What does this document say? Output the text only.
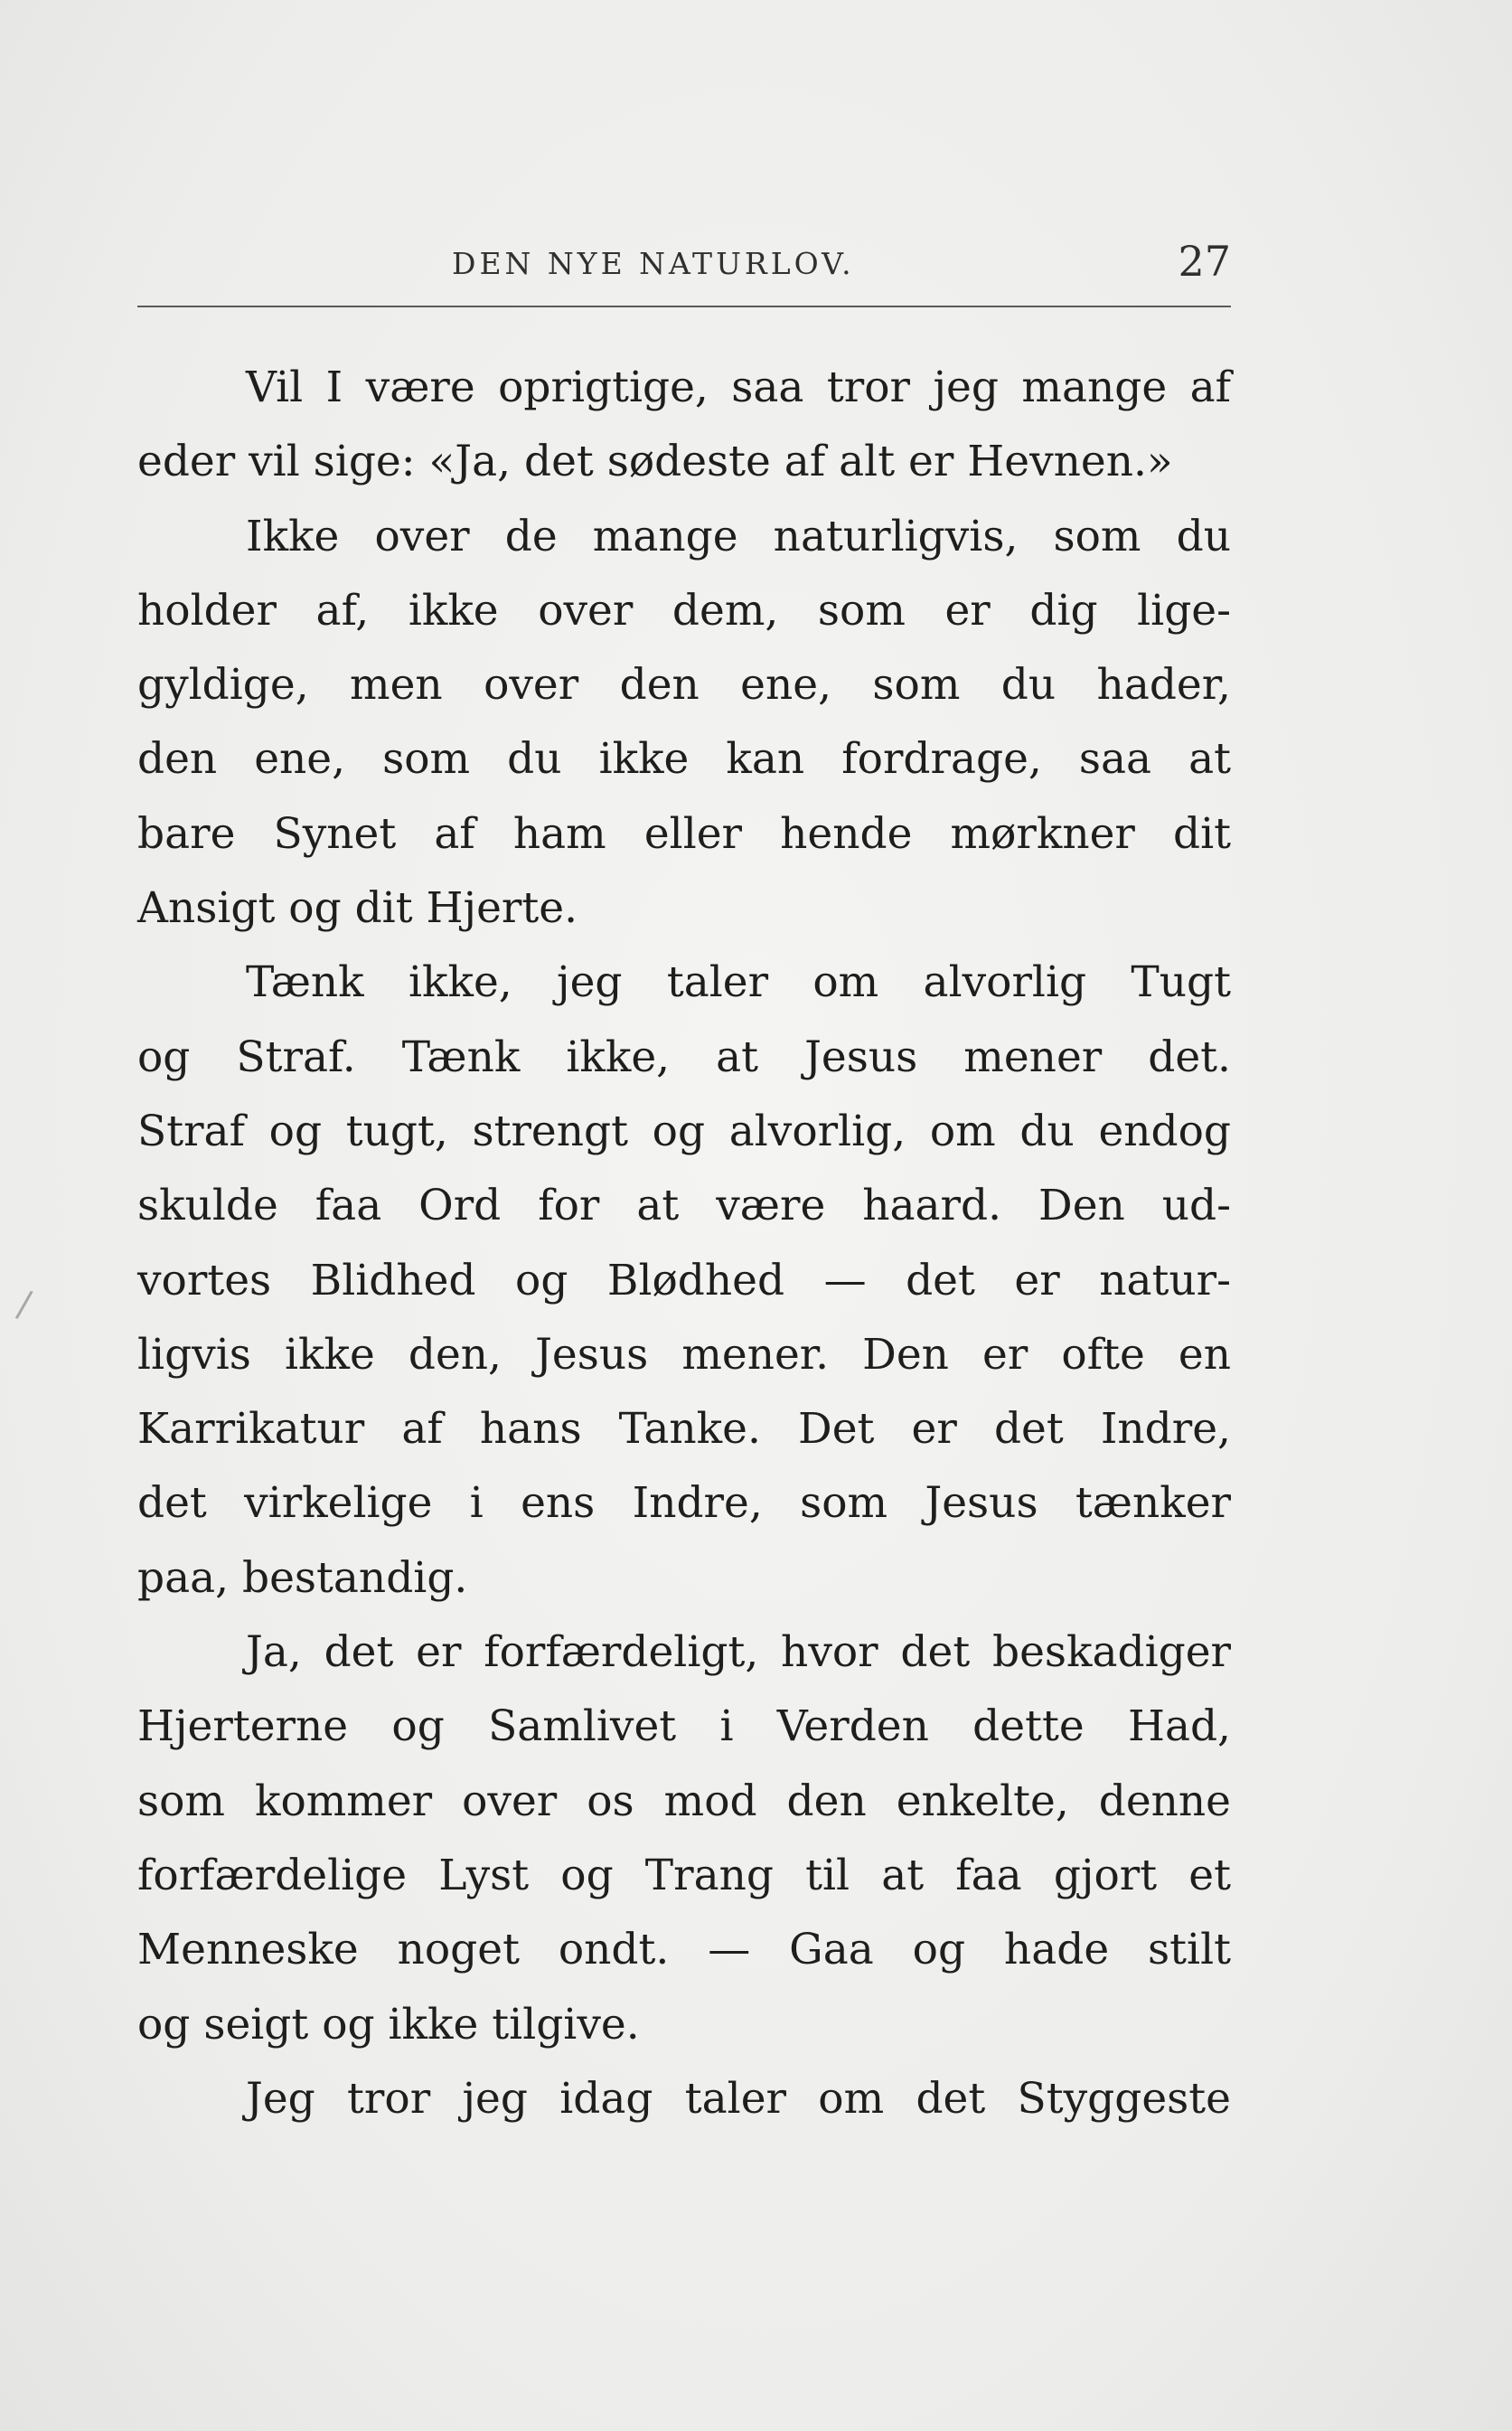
DEN NYE NATURLOV.	27
Vil I være oprigtige, saa tror jeg mange af
eder vil sige: «Ja, det sødeste af alt er Hevnen.»
Ikke over de mange naturligvis, som du
holder af, ikke over dem, som er dig lige-
gyldige, men over den ene, som du hader,
den ene, som du ikke kan fordrage, saa at
bare Synet af ham eller hende mørkner dit
Ansigt og dit Hjerte.
Tænk ikke, jeg taler om alvorlig Tugt
og Straf. Tænk ikke, at Jesus mener det.
Straf og tugt, strengt og alvorlig, om du endog
skulde faa Ord for at være haard. Den ud-
vortes Blidhed og Blødhed — det er natur-
ligvis ikke den, Jesus mener. Den er ofte en
Karrikatur af hans Tanke. Det er det Indre,
det virkelige i ens Indre, som Jesus tænker
paa, bestandig.
Ja, det er forfærdeligt, hvor det beskadiger
Hjerterne og Samlivet i Verden dette Had,
som kommer over os mod den enkelte, denne
forfærdelige Lyst og Trang til at faa gjort et
Menneske noget ondt. — Gaa og hade stilt
og seigt og ikke tilgive.
Jeg tror jeg idag taler om det Styggeste
/
